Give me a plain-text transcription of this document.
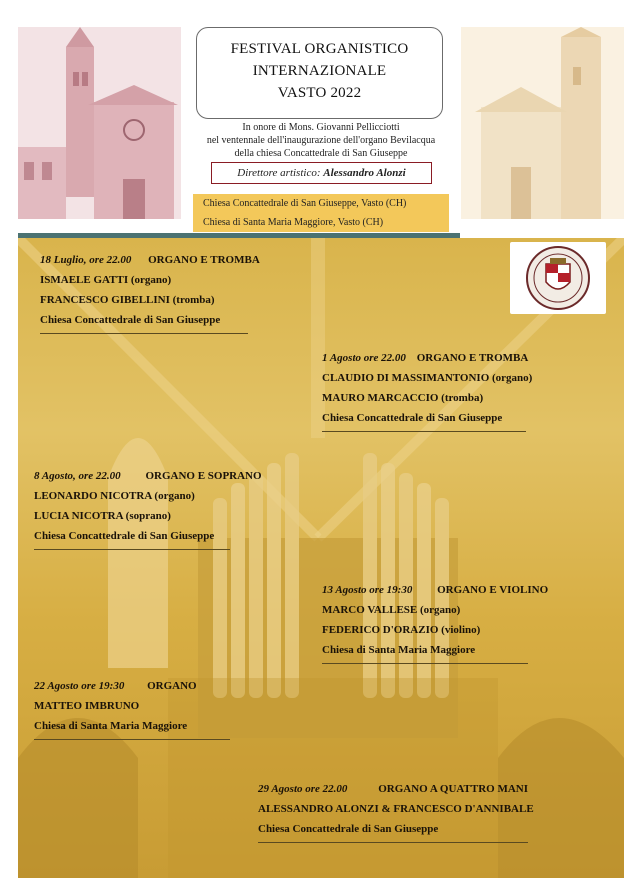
FESTIVAL ORGANISTICO
INTERNAZIONALE
VASTO 2022
In onore di Mons. Giovanni Pellicciotti
nel ventennale dell'inaugurazione dell'organo Bevilacqua
della chiesa Concattedrale di San Giuseppe
Direttore artistico: Alessandro Alonzi
Chiesa Concattedrale di San Giuseppe, Vasto (CH)
Chiesa di Santa Maria Maggiore, Vasto (CH)
18 Luglio, ore 22.00 ORGANO E TROMBA
ISMAELE GATTI (organo)
FRANCESCO GIBELLINI (tromba)
Chiesa Concattedrale di San Giuseppe
1 Agosto ore 22.00 ORGANO E TROMBA
CLAUDIO DI MASSIMANTONIO (organo)
MAURO MARCACCIO (tromba)
Chiesa Concattedrale di San Giuseppe
8 Agosto, ore 22.00 ORGANO E SOPRANO
LEONARDO NICOTRA (organo)
LUCIA NICOTRA (soprano)
Chiesa Concattedrale di San Giuseppe
13 Agosto ore 19:30 ORGANO E VIOLINO
MARCO VALLESE (organo)
FEDERICO D'ORAZIO (violino)
Chiesa di Santa Maria Maggiore
22 Agosto ore 19:30 ORGANO
MATTEO IMBRUNO
Chiesa di Santa Maria Maggiore
29 Agosto ore 22.00	ORGANO A QUATTRO MANI
ALESSANDRO ALONZI & FRANCESCO D'ANNIBALE
Chiesa Concattedrale di San Giuseppe
